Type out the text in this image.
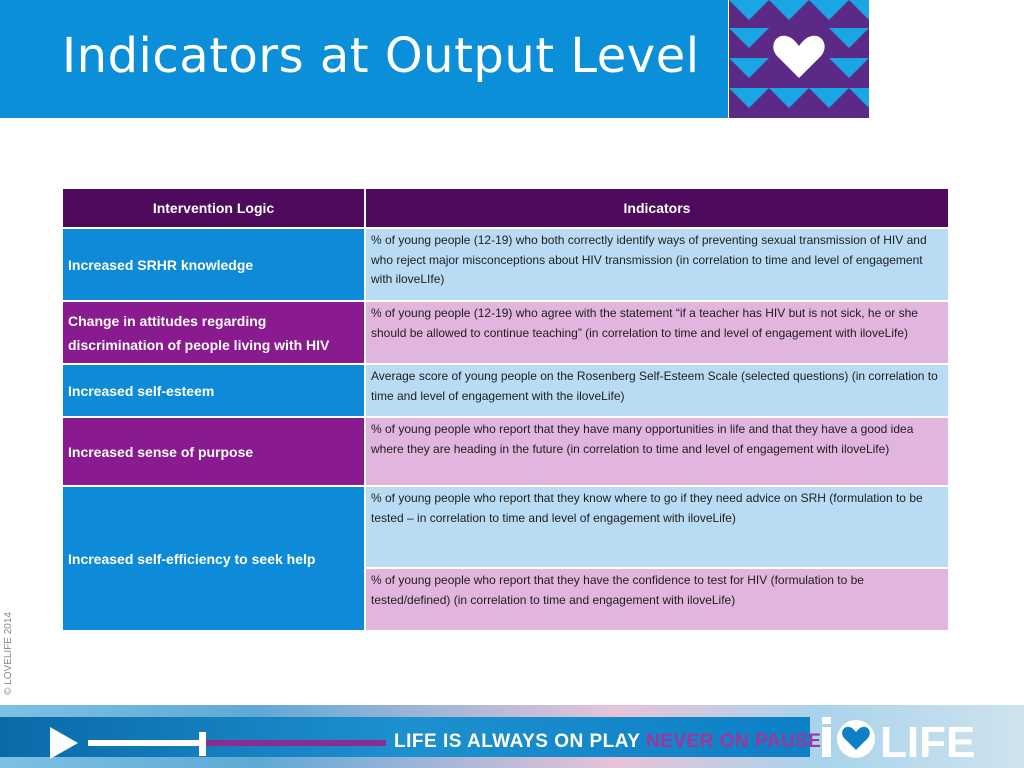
Indicators at Output Level
Intervention Logic	Indicators
Increased SRHR knowledge	% of young people (12-19) who both correctly identify ways of preventing sexual transmission of HIV and who reject major misconceptions about HIV transmission (in correlation to time and level of engagement with iloveLIfe)
Change in attitudes regarding discrimination of people living with HIV	% of young people (12-19) who agree with the statement “if a teacher has HIV but is not sick, he or she should be allowed to continue teaching” (in correlation to time and level of engagement with iloveLife)
Increased self-esteem	Average score of young people on the Rosenberg Self-Esteem Scale (selected questions) (in correlation to time and level of engagement with the iloveLife)
Increased sense of purpose	% of young people who report that they have many opportunities in life and that they have a good idea where they are heading in the future (in correlation to time and level of engagement with iloveLife)
Increased self-efficiency to seek help	% of young people who report that they know where to go if they need advice on SRH (formulation to be tested – in correlation to time and level of engagement with iloveLife)
	% of young people who report that they have the confidence to test for HIV (formulation to be tested/defined) (in correlation to time and engagement with iloveLife)
© LOVELIFE 2014
LIFE IS ALWAYS ON PLAY NEVER ON PAUSE LIFE
